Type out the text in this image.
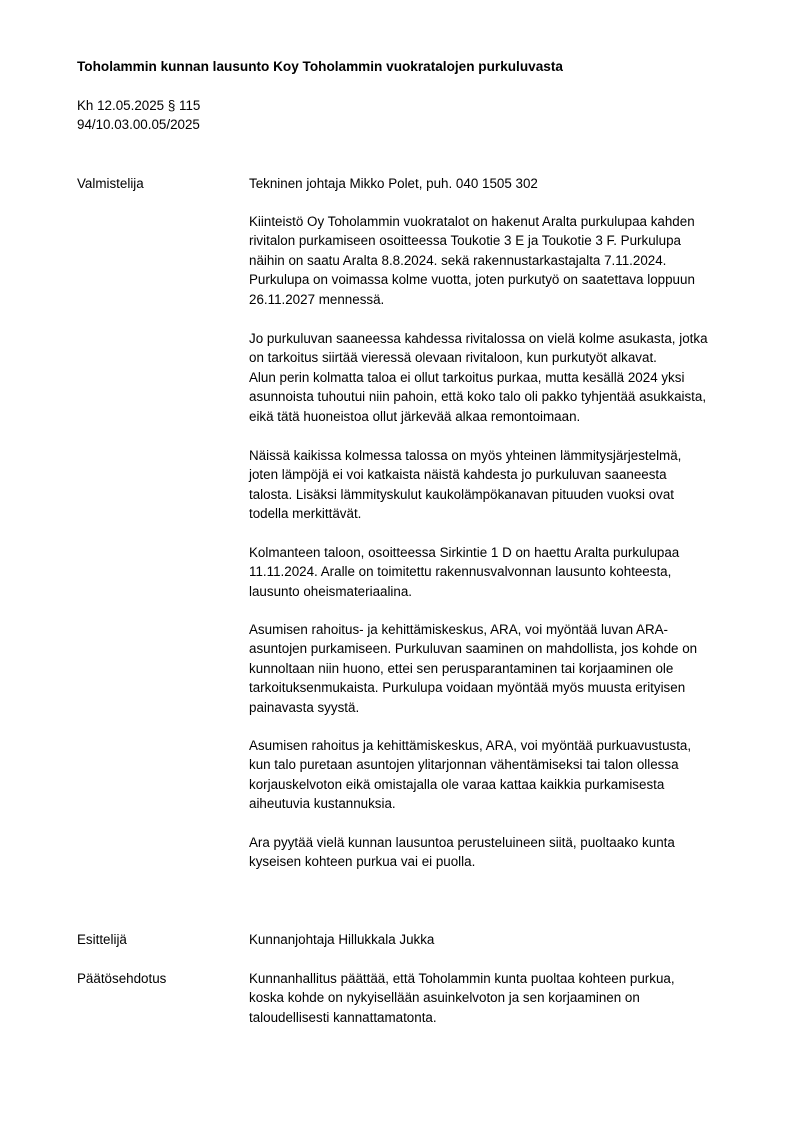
Toholammin kunnan lausunto Koy Toholammin vuokratalojen purkuluvasta
Kh 12.05.2025 § 115
94/10.03.00.05/2025
Valmistelija	Tekninen johtaja Mikko Polet, puh. 040 1505 302

Kiinteistö Oy Toholammin vuokratalot on hakenut Aralta purkulupaa kahden
rivitalon purkamiseen osoitteessa Toukotie 3 E ja Toukotie 3 F. Purkulupa
näihin on saatu Aralta 8.8.2024. sekä rakennustarkastajalta 7.11.2024.
Purkulupa on voimassa kolme vuotta, joten purkutyö on saatettava loppuun
26.11.2027 mennessä.

Jo purkuluvan saaneessa kahdessa rivitalossa on vielä kolme asukasta, jotka
on tarkoitus siirtää vieressä olevaan rivitaloon, kun purkutyöt alkavat.
Alun perin kolmatta taloa ei ollut tarkoitus purkaa, mutta kesällä 2024 yksi
asunnoista tuhoutui niin pahoin, että koko talo oli pakko tyhjentää asukkaista,
eikä tätä huoneistoa ollut järkevää alkaa remontoimaan.

Näissä kaikissa kolmessa talossa on myös yhteinen lämmitysjärjestelmä,
joten lämpöjä ei voi katkaista näistä kahdesta jo purkuluvan saaneesta
talosta. Lisäksi lämmityskulut kaukolämpökanavan pituuden vuoksi ovat
todella merkittävät.

Kolmanteen taloon, osoitteessa Sirkintie 1 D on haettu Aralta purkulupaa
11.11.2024. Aralle on toimitettu rakennusvalvonnan lausunto kohteesta,
lausunto oheismateriaalina.

Asumisen rahoitus- ja kehittämiskeskus, ARA, voi myöntää luvan ARA-
asuntojen purkamiseen. Purkuluvan saaminen on mahdollista, jos kohde on
kunnoltaan niin huono, ettei sen perusparantaminen tai korjaaminen ole
tarkoituksenmukaista. Purkulupa voidaan myöntää myös muusta erityisen
painavasta syystä.

Asumisen rahoitus ja kehittämiskeskus, ARA, voi myöntää purkuavustusta,
kun talo puretaan asuntojen ylitarjonnan vähentämiseksi tai talon ollessa
korjauskelvoton eikä omistajalla ole varaa kattaa kaikkia purkamisesta
aiheutuvia kustannuksia.

Ara pyytää vielä kunnan lausuntoa perusteluineen siitä, puoltaako kunta
kyseisen kohteen purkua vai ei puolla.

Esittelijä	Kunnanjohtaja Hillukkala Jukka
Päätösehdotus	Kunnanhallitus päättää, että Toholammin kunta puoltaa kohteen purkua,
koska kohde on nykyisellään asuinkelvoton ja sen korjaaminen on
taloudellisesti kannattamatonta.
